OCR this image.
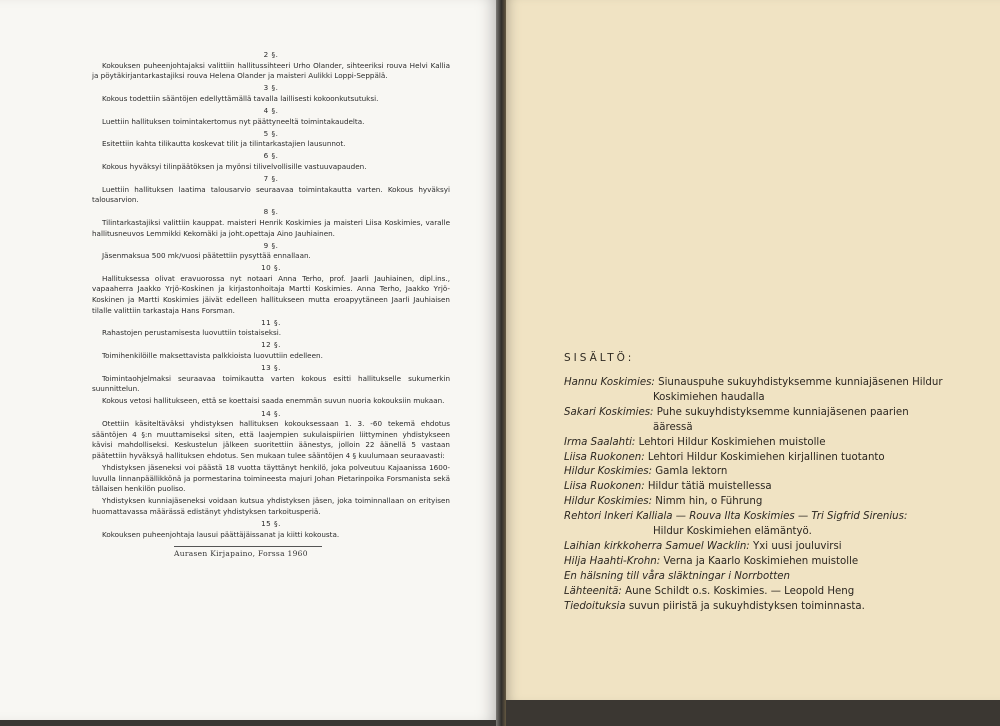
2 §.
Kokouksen puheenjohtajaksi valittiin hallitussihteeri Urho Olander, sihteeriksi rouva Helvi Kallia ja pöytäkirjantarkastajiksi rouva Helena Olander ja maisteri Aulikki Loppi-Seppälä.
3 §.
Kokous todettiin sääntöjen edellyttämällä tavalla laillisesti kokoonkutsutuksi.
4 §.
Luettiin hallituksen toimintakertomus nyt päättyneeltä toimintakaudelta.
5 §.
Esitettiin kahta tilikautta koskevat tilit ja tilintarkastajien lausunnot.
6 §.
Kokous hyväksyi tilinpäätöksen ja myönsi tilivelvollisille vastuuvapauden.
7 §.
Luettiin hallituksen laatima talousarvio seuraavaa toimintakautta varten. Kokous hyväksyi talousarvion.
8 §.
Tilintarkastajiksi valittiin kauppat. maisteri Henrik Koskimies ja maisteri Liisa Koskimies, varalle hallitusneuvos Lemmikki Kekomäki ja joht.opettaja Aino Jauhiainen.
9 §.
Jäsenmaksua 500 mk/vuosi päätettiin pysyttää ennallaan.
10 §.
Hallituksessa olivat eravuorossa nyt notaari Anna Terho, prof. Jaarli Jauhiainen, dipl.ins., vapaaherra Jaakko Yrjö-Koskinen ja kirjastonhoitaja Martti Koskimies. Anna Terho, Jaakko Yrjö-Koskinen ja Martti Koskimies jäivät edelleen hallitukseen mutta eroapyytäneen Jaarli Jauhiaisen tilalle valittiin tarkastaja Hans Forsman.
11 §.
Rahastojen perustamisesta luovuttiin toistaiseksi.
12 §.
Toimihenkilöille maksettavista palkkioista luovuttiin edelleen.
13 §.
Toimintaohjelmaksi seuraavaa toimikautta varten kokous esitti hallitukselle sukumerkin suunnittelun.
Kokous vetosi hallitukseen, että se koettaisi saada enemmän suvun nuoria kokouksiin mukaan.
14 §.
Otettiin käsiteltäväksi yhdistyksen hallituksen kokouksessaan 1. 3. -60 tekemä ehdotus sääntöjen 4 §:n muuttamiseksi siten, että laajempien sukulaispiirien liittyminen yhdistykseen kävisi mahdolliseksi. Keskustelun jälkeen suoritettiin äänestys, jolloin 22 äänellä 5 vastaan päätettiin hyväksyä hallituksen ehdotus. Sen mukaan tulee sääntöjen 4 § kuulumaan seuraavasti:
Yhdistyksen jäseneksi voi päästä 18 vuotta täyttänyt henkilö, joka polveutuu Kajaanissa 1600-luvulla linnanpäällikkönä ja pormestarina toimineesta majuri Johan Pietarinpoika Forsmanista sekä tällaisen henkilön puoliso.
Yhdistyksen kunniajäseneksi voidaan kutsua yhdistyksen jäsen, joka toiminnallaan on erityisen huomattavassa määrässä edistänyt yhdistyksen tarkoitusperiä.
15 §.
Kokouksen puheenjohtaja lausui päättäjäissanat ja kiitti kokousta.
Aurasen Kirjapaino, Forssa 1960
SISÄLTÖ:
Hannu Koskimies: Siunauspuhe sukuyhdistyksemme kunniajäsenen Hildur
Koskimiehen haudalla
Sakari Koskimies: Puhe sukuyhdistyksemme kunniajäsenen paarien
ääressä
Irma Saalahti: Lehtori Hildur Koskimiehen muistolle
Liisa Ruokonen: Lehtori Hildur Koskimiehen kirjallinen tuotanto
Hildur Koskimies: Gamla lektorn
Liisa Ruokonen: Hildur tätiä muistellessa
Hildur Koskimies: Nimm hin, o Führung
Rehtori Inkeri Kalliala — Rouva Ilta Koskimies — Tri Sigfrid Sirenius:
Hildur Koskimiehen elämäntyö.
Laihian kirkkoherra Samuel Wacklin: Yxi uusi jouluvirsi
Hilja Haahti-Krohn: Verna ja Kaarlo Koskimiehen muistolle
En hälsning till våra släktningar i Norrbotten
Lähteenitä: Aune Schildt o.s. Koskimies. — Leopold Heng
Tiedoituksia suvun piiristä ja sukuyhdistyksen toiminnasta.
